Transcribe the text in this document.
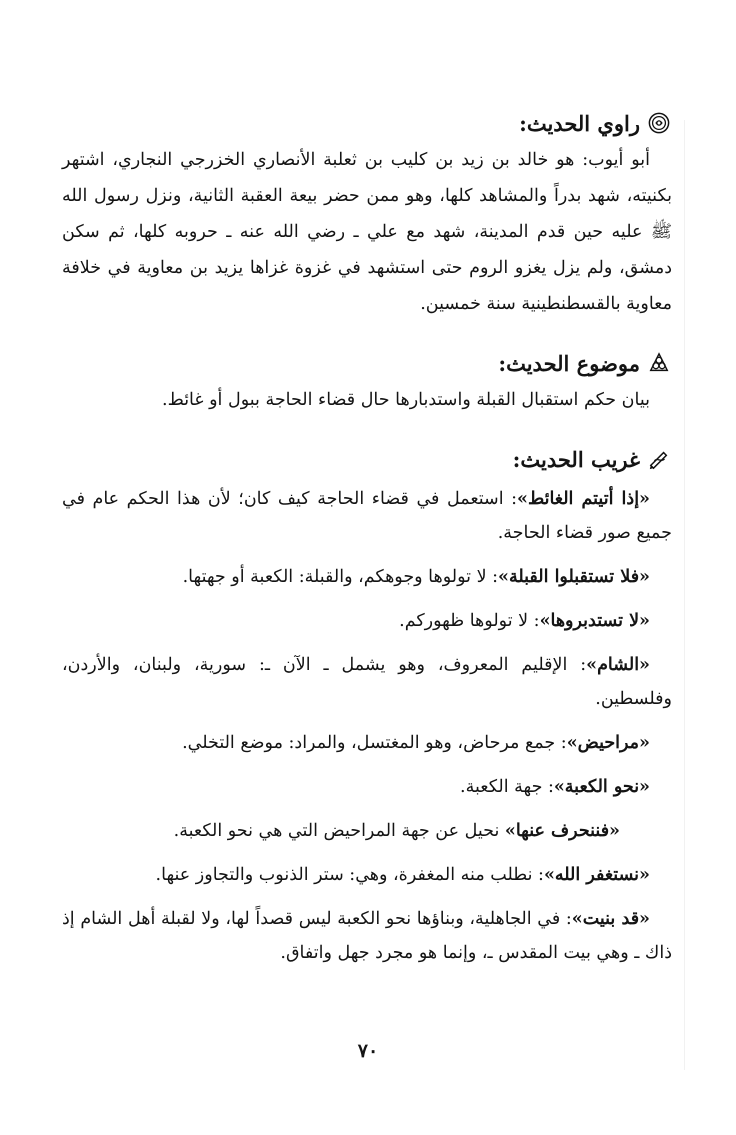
راوي الحديث:

أبو أيوب: هو خالد بن زيد بن كليب بن ثعلبة الأنصاري الخزرجي النجاري، اشتهر بكنيته، شهد بدراً والمشاهد كلها، وهو ممن حضر بيعة العقبة الثانية، ونزل رسول الله ﷺ عليه حين قدم المدينة، شهد مع علي ـ رضي الله عنه ـ حروبه كلها، ثم سكن دمشق، ولم يزل يغزو الروم حتى استشهد في غزوة غزاها يزيد بن معاوية في خلافة معاوية بالقسطنطينية سنة خمسين.

موضوع الحديث:

بيان حكم استقبال القبلة واستدبارها حال قضاء الحاجة ببول أو غائط.

غريب الحديث:

«إذا أتيتم الغائط»: استعمل في قضاء الحاجة كيف كان؛ لأن هذا الحكم عام في جميع صور قضاء الحاجة.

«فلا تستقبلوا القبلة»: لا تولوها وجوهكم، والقبلة: الكعبة أو جهتها.

«لا تستدبروها»: لا تولوها ظهوركم.

«الشام»: الإقليم المعروف، وهو يشمل ـ الآن ـ: سورية، ولبنان، والأردن، وفلسطين.

«مراحيض»: جمع مرحاض، وهو المغتسل، والمراد: موضع التخلي.

«نحو الكعبة»: جهة الكعبة.

«فننحرف عنها» نحيل عن جهة المراحيض التي هي نحو الكعبة.

«نستغفر الله»: نطلب منه المغفرة، وهي: ستر الذنوب والتجاوز عنها.

«قد بنيت»: في الجاهلية، وبناؤها نحو الكعبة ليس قصداً لها، ولا لقبلة أهل الشام إذ ذاك ـ وهي بيت المقدس ـ، وإنما هو مجرد جهل واتفاق.

٧٠
